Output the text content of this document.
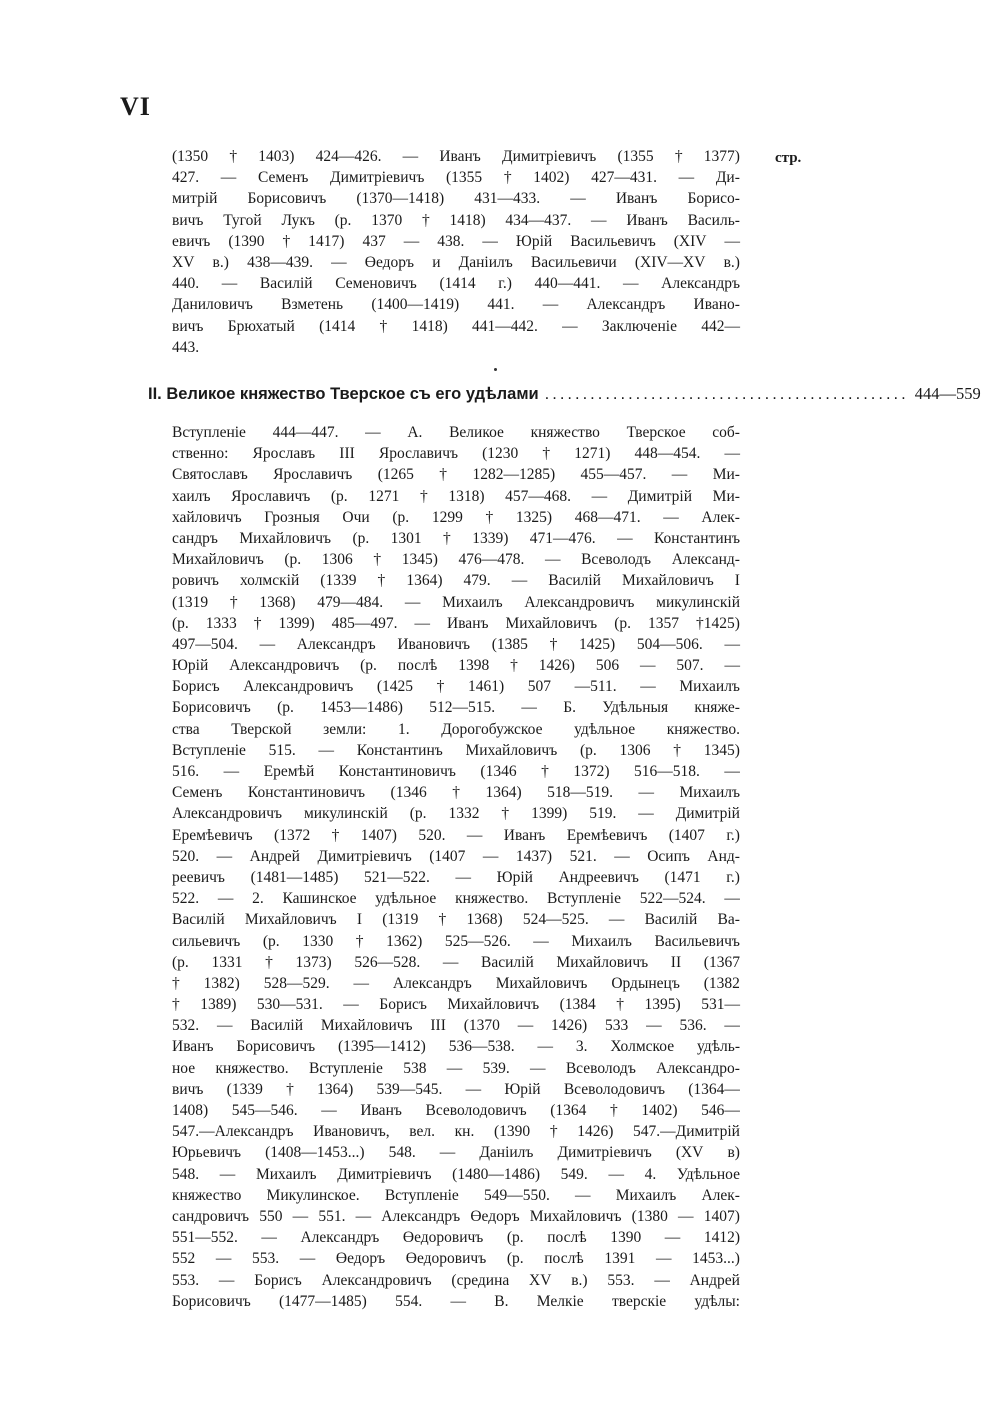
VI
стр.
(1350 † 1403) 424—426. — Иванъ Димитріевичъ (1355 † 1377)
427. — Семенъ Димитріевичъ (1355 † 1402) 427—431. — Ди-
митрій Борисовичъ (1370—1418) 431—433. — Иванъ Борисо-
вичъ Тугой Лукъ (р. 1370 † 1418) 434—437. — Иванъ Василь-
евичъ (1390 † 1417) 437 — 438. — Юрій Васильевичъ (XIV —
XV в.) 438—439. — Өедоръ и Даніилъ Васильевичи (XIV—XV в.)
440. — Василій Семеновичъ (1414 г.) 440—441. — Александръ
Даниловичъ Взметень (1400—1419) 441. — Александръ Ивано-
вичъ Брюхатый (1414 † 1418) 441—442. — Заключеніе 442—
443.
II. Великое княжество Тверское съ его удѣлами ................................................ 444—559
Вступленіе 444—447. — А. Великое княжество Тверское соб-
ственно: Ярославъ III Ярославичъ (1230 † 1271) 448—454. —
Святославъ Ярославичъ (1265 † 1282—1285) 455—457. — Ми-
хаилъ Ярославичъ (р. 1271 † 1318) 457—468. — Димитрій Ми-
хайловичъ Грозныя Очи (р. 1299 † 1325) 468—471. — Алек-
сандръ Михайловичъ (р. 1301 † 1339) 471—476. — Константинъ
Михайловичъ (р. 1306 † 1345) 476—478. — Всеволодъ Александ-
ровичъ холмскій (1339 † 1364) 479. — Василій Михайловичъ I
(1319 † 1368) 479—484. — Михаилъ Александровичъ микулинскій
(р. 1333 † 1399) 485—497. — Иванъ Михайловичъ (р. 1357 †1425)
497—504. — Александръ Ивановичъ (1385 † 1425) 504—506. —
Юрій Александровичъ (р. послѣ 1398 † 1426) 506 — 507. —
Борисъ Александровичъ (1425 † 1461) 507 —511. — Михаилъ
Борисовичъ (р. 1453—1486) 512—515. — Б. Удѣльныя княже-
ства Тверской земли: 1. Дорогобужское удѣльное княжество.
Вступленіе 515. — Константинъ Михайловичъ (р. 1306 † 1345)
516. — Еремѣй Константиновичъ (1346 † 1372) 516—518. —
Семенъ Константиновичъ (1346 † 1364) 518—519. — Михаилъ
Александровичъ микулинскій (р. 1332 † 1399) 519. — Димитрій
Еремѣевичъ (1372 † 1407) 520. — Иванъ Еремѣевичъ (1407 г.)
520. — Андрей Димитріевичъ (1407 — 1437) 521. — Осипъ Анд-
реевичъ (1481—1485) 521—522. — Юрій Андреевичъ (1471 г.)
522. — 2. Кашинское удѣльное княжество. Вступленіе 522—524. —
Василій Михайловичъ I (1319 † 1368) 524—525. — Василій Ва-
сильевичъ (р. 1330 † 1362) 525—526. — Михаилъ Васильевичъ
(р. 1331 † 1373) 526—528. — Василій Михайловичъ II (1367
† 1382) 528—529. — Александръ Михайловичъ Ордынецъ (1382
† 1389) 530—531. — Борисъ Михайловичъ (1384 † 1395) 531—
532. — Василій Михайловичъ III (1370 — 1426) 533 — 536. —
Иванъ Борисовичъ (1395—1412) 536—538. — 3. Холмское удѣль-
ное княжество. Вступленіе 538 — 539. — Всеволодъ Александро-
вичъ (1339 † 1364) 539—545. — Юрій Всеволодовичъ (1364—
1408) 545—546. — Иванъ Всеволодовичъ (1364 † 1402) 546—
547.—Александръ Ивановичъ, вел. кн. (1390 † 1426) 547.—Димитрій
Юрьевичъ (1408—1453...) 548. — Даніилъ Димитріевичъ (XV в)
548. — Михаилъ Димитріевичъ (1480—1486) 549. — 4. Удѣльное
княжество Микулинское. Вступленіе 549—550. — Михаилъ Алек-
сандровичъ 550 — 551. — Александръ Өедоръ Михайловичъ (1380 — 1407)
551—552. — Александръ Өедоровичъ (р. послѣ 1390 — 1412)
552 — 553. — Өедоръ Өедоровичъ (р. послѣ 1391 — 1453...)
553. — Борисъ Александровичъ (средина XV в.) 553. — Андрей
Борисовичъ (1477—1485) 554. — В. Мелкіе тверскіе удѣлы:
